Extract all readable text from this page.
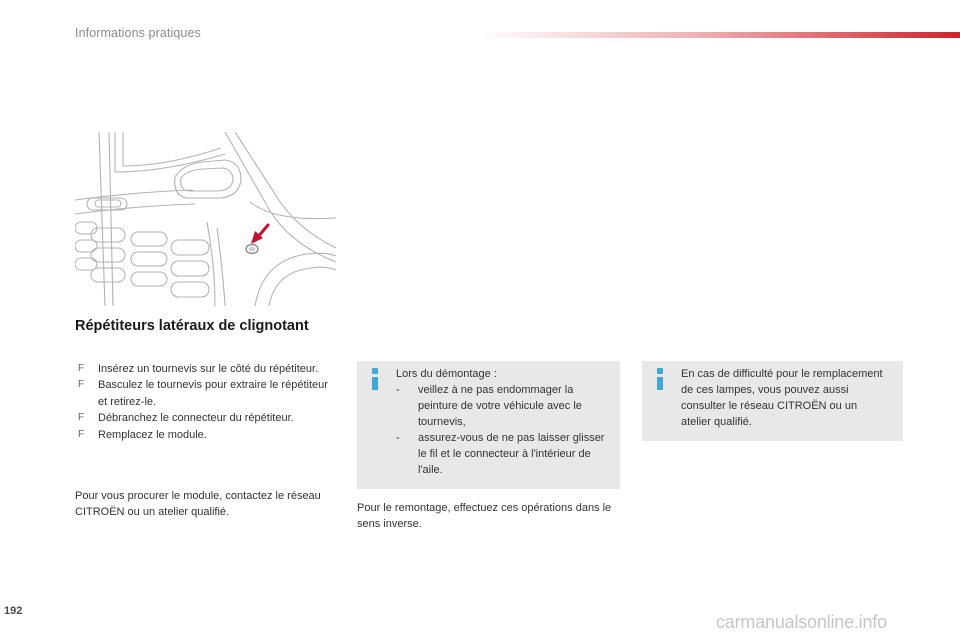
Informations pratiques
Répétiteurs latéraux de clignotant
F Insérez un tournevis sur le côté du répétiteur.
F Basculez le tournevis pour extraire le répétiteur et retirez-le.
F Débranchez le connecteur du répétiteur.
F Remplacez le module.

Pour vous procurer le module, contactez le réseau CITROËN ou un atelier qualifié.

Lors du démontage :
- veillez à ne pas endommager la peinture de votre véhicule avec le tournevis,
- assurez-vous de ne pas laisser glisser le fil et le connecteur à l'intérieur de l'aile.

Pour le remontage, effectuez ces opérations dans le sens inverse.

En cas de difficulté pour le remplacement de ces lampes, vous pouvez aussi consulter le réseau CITROËN ou un atelier qualifié.
192
carmanualsonline.info
